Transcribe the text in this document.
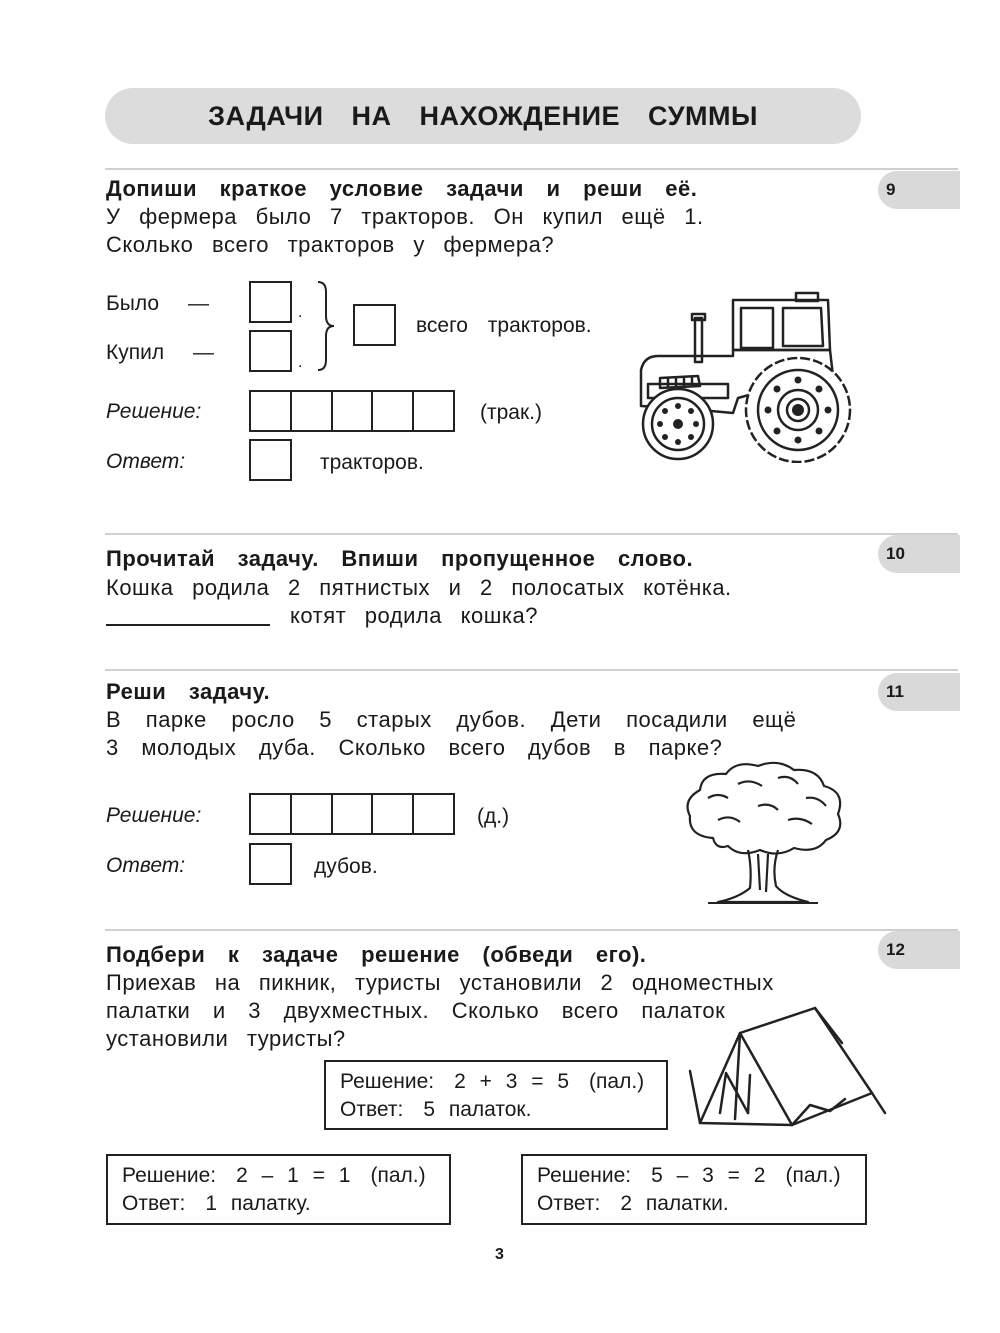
ЗАДАЧИ НА НАХОЖДЕНИЕ СУММЫ
9
Допиши краткое условие задачи и реши её.
У фермера было 7 тракторов. Он купил ещё 1.
Сколько всего тракторов у фермера?
Было —	.
Купил —	.
всего тракторов.
Решение:	(трак.)
Ответ:	тракторов.
10
Прочитай задачу. Впиши пропущенное слово.
Кошка родила 2 пятнистых и 2 полосатых котёнка.
котят родила кошка?
11
Реши задачу.
В парке росло 5 старых дубов. Дети посадили ещё
3 молодых дуба. Сколько всего дубов в парке?
Решение:	(д.)
Ответ:	дубов.
12
Подбери к задаче решение (обведи его).
Приехав на пикник, туристы установили 2 одноместных
палатки и 3 двухместных. Сколько всего палаток
установили туристы?
Решение: 2 + 3 = 5 (пал.)
Ответ: 5 палаток.
Решение: 2 – 1 = 1 (пал.)
Ответ: 1 палатку.
Решение: 5 – 3 = 2 (пал.)
Ответ: 2 палатки.
3
